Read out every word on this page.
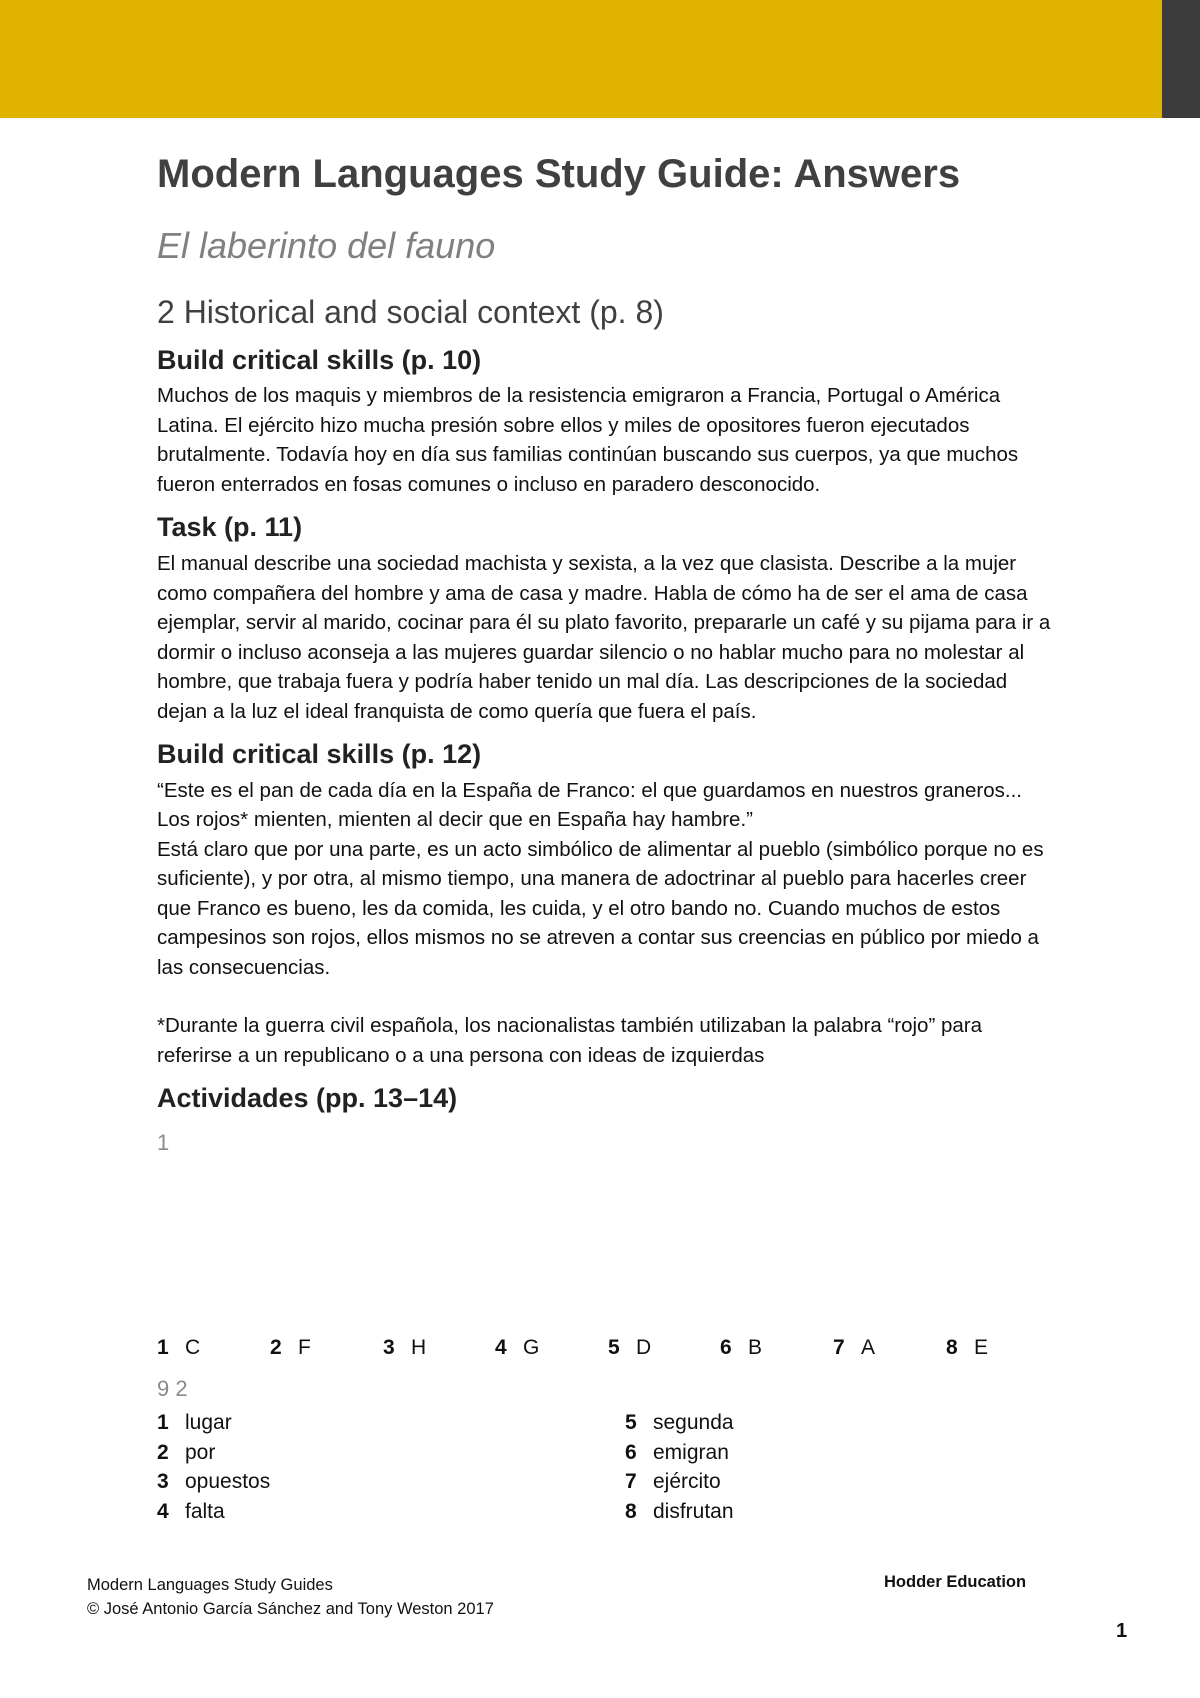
Modern Languages Study Guide: Answers
El laberinto del fauno
2 Historical and social context (p. 8)
Build critical skills (p. 10)

Muchos de los maquis y miembros de la resistencia emigraron a Francia, Portugal o América Latina. El ejército hizo mucha presión sobre ellos y miles de opositores fueron ejecutados brutalmente. Todavía hoy en día sus familias continúan buscando sus cuerpos, ya que muchos fueron enterrados en fosas comunes o incluso en paradero desconocido.

Task (p. 11)

El manual describe una sociedad machista y sexista, a la vez que clasista. Describe a la mujer como compañera del hombre y ama de casa y madre. Habla de cómo ha de ser el ama de casa ejemplar, servir al marido, cocinar para él su plato favorito, prepararle un café y su pijama para ir a dormir o incluso aconseja a las mujeres guardar silencio o no hablar mucho para no molestar al hombre, que trabaja fuera y podría haber tenido un mal día. Las descripciones de la sociedad dejan a la luz el ideal franquista de como quería que fuera el país.

Build critical skills (p. 12)

“Este es el pan de cada día en la España de Franco: el que guardamos en nuestros graneros... Los rojos* mienten, mienten al decir que en España hay hambre.”

Está claro que por una parte, es un acto simbólico de alimentar al pueblo (simbólico porque no es suficiente), y por otra, al mismo tiempo, una manera de adoctrinar al pueblo para hacerles creer que Franco es bueno, les da comida, les cuida, y el otro bando no. Cuando muchos de estos campesinos son rojos, ellos mismos no se atreven a contar sus creencias en público por miedo a las consecuencias.

*Durante la guerra civil española, los nacionalistas también utilizaban la palabra “rojo” para referirse a un republicano o a una persona con ideas de izquierdas

Actividades (pp. 13–14)
1
1 C	2 F	3 H	4 G	5 D	6 B	7 A	8 E
9 2
1 lugar
2 por
3 opuestos
4 falta
5 segunda
6 emigran
7 ejército
8 disfrutan
Modern Languages Study Guides
© José Antonio García Sánchez and Tony Weston 2017
Hodder Education
1
